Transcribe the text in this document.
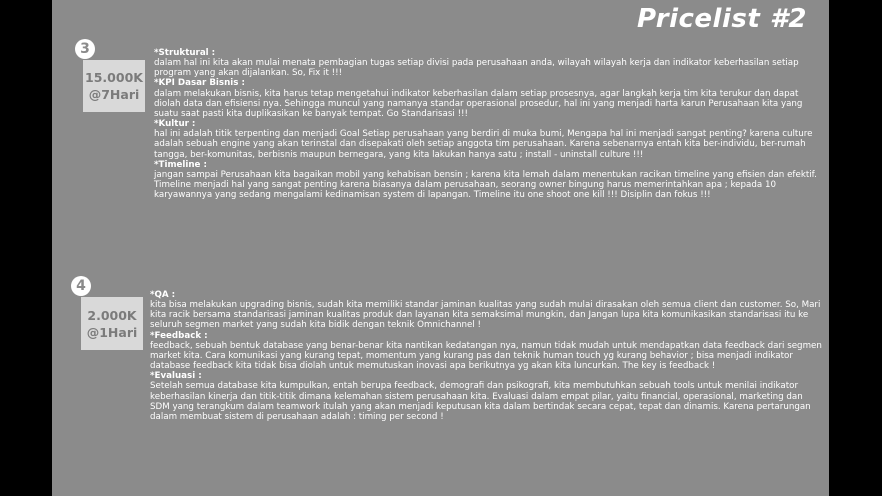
Pricelist #2
3
15.000K
@7Hari
*Struktural :
dalam hal ini kita akan mulai menata pembagian tugas setiap divisi pada perusahaan anda, wilayah wilayah kerja dan indikator keberhasilan setiap program yang akan dijalankan. So, Fix it !!!
*KPI Dasar Bisnis :
dalam melakukan bisnis, kita harus tetap mengetahui indikator keberhasilan dalam setiap prosesnya, agar langkah kerja tim kita terukur dan dapat diolah data dan efisiensi nya. Sehingga muncul yang namanya standar operasional prosedur, hal ini yang menjadi harta karun Perusahaan kita yang suatu saat pasti kita duplikasikan ke banyak tempat. Go Standarisasi !!!
*Kultur :
hal ini adalah titik terpenting dan menjadi Goal Setiap perusahaan yang berdiri di muka bumi, Mengapa hal ini menjadi sangat penting? karena culture adalah sebuah engine yang akan terinstal dan disepakati oleh setiap anggota tim perusahaan. Karena sebenarnya entah kita ber-individu, ber-rumah tangga, ber-komunitas, berbisnis maupun bernegara, yang kita lakukan hanya satu ; install - uninstall culture !!!
*Timeline :
jangan sampai Perusahaan kita bagaikan mobil yang kehabisan bensin ; karena kita lemah dalam menentukan racikan timeline yang efisien dan efektif. Timeline menjadi hal yang sangat penting karena biasanya dalam perusahaan, seorang owner bingung harus memerintahkan apa ; kepada 10 karyawannya yang sedang mengalami kedinamisan system di lapangan. Timeline itu one shoot one kill !!! Disiplin dan fokus !!!
4
2.000K
@1Hari
*QA :
kita bisa melakukan upgrading bisnis, sudah kita memiliki standar jaminan kualitas yang sudah mulai dirasakan oleh semua client dan customer. So, Mari kita racik bersama standarisasi jaminan kualitas produk dan layanan kita semaksimal mungkin, dan Jangan lupa kita komunikasikan standarisasi itu ke seluruh segmen market yang sudah kita bidik dengan teknik Omnichannel !
*Feedback :
feedback, sebuah bentuk database yang benar-benar kita nantikan kedatangan nya, namun tidak mudah untuk mendapatkan data feedback dari segmen market kita. Cara komunikasi yang kurang tepat, momentum yang kurang pas dan teknik human touch yg kurang behavior ; bisa menjadi indikator database feedback kita tidak bisa diolah untuk memutuskan inovasi apa berikutnya yg akan kita luncurkan. The key is feedback !
*Evaluasi :
Setelah semua database kita kumpulkan, entah berupa feedback, demografi dan psikografi, kita membutuhkan sebuah tools untuk menilai indikator keberhasilan kinerja dan titik-titik dimana kelemahan sistem perusahaan kita. Evaluasi dalam empat pilar, yaitu financial, operasional, marketing dan SDM yang terangkum dalam teamwork itulah yang akan menjadi keputusan kita dalam bertindak secara cepat, tepat dan dinamis. Karena pertarungan dalam membuat sistem di perusahaan adalah : timing per second !
